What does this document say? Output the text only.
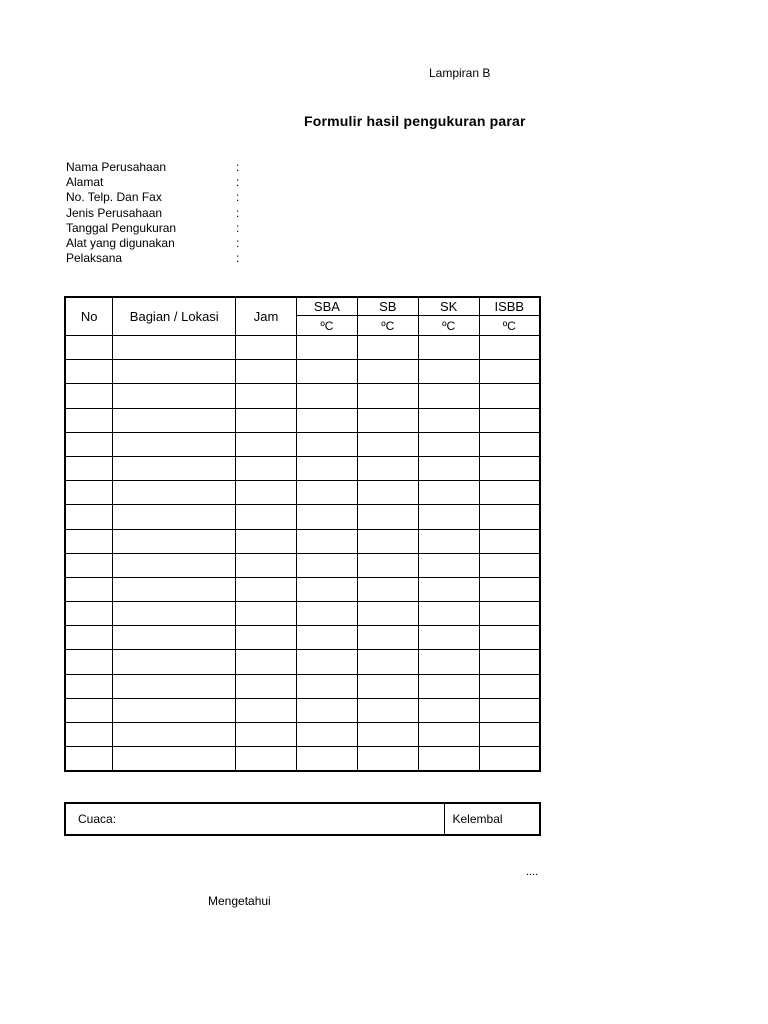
Lampiran B
Formulir hasil pengukuran parar
Nama Perusahaan	:
Alamat	:
No. Telp. Dan Fax	:
Jenis Perusahaan	:
Tanggal Pengukuran	:
Alat yang digunakan	:
Pelaksana	:
No	Bagian / Lokasi	Jam	SBA	SB	SK	ISBB
			ºC	ºC	ºC	ºC

Cuaca:	Kelembal
....
Mengetahui
